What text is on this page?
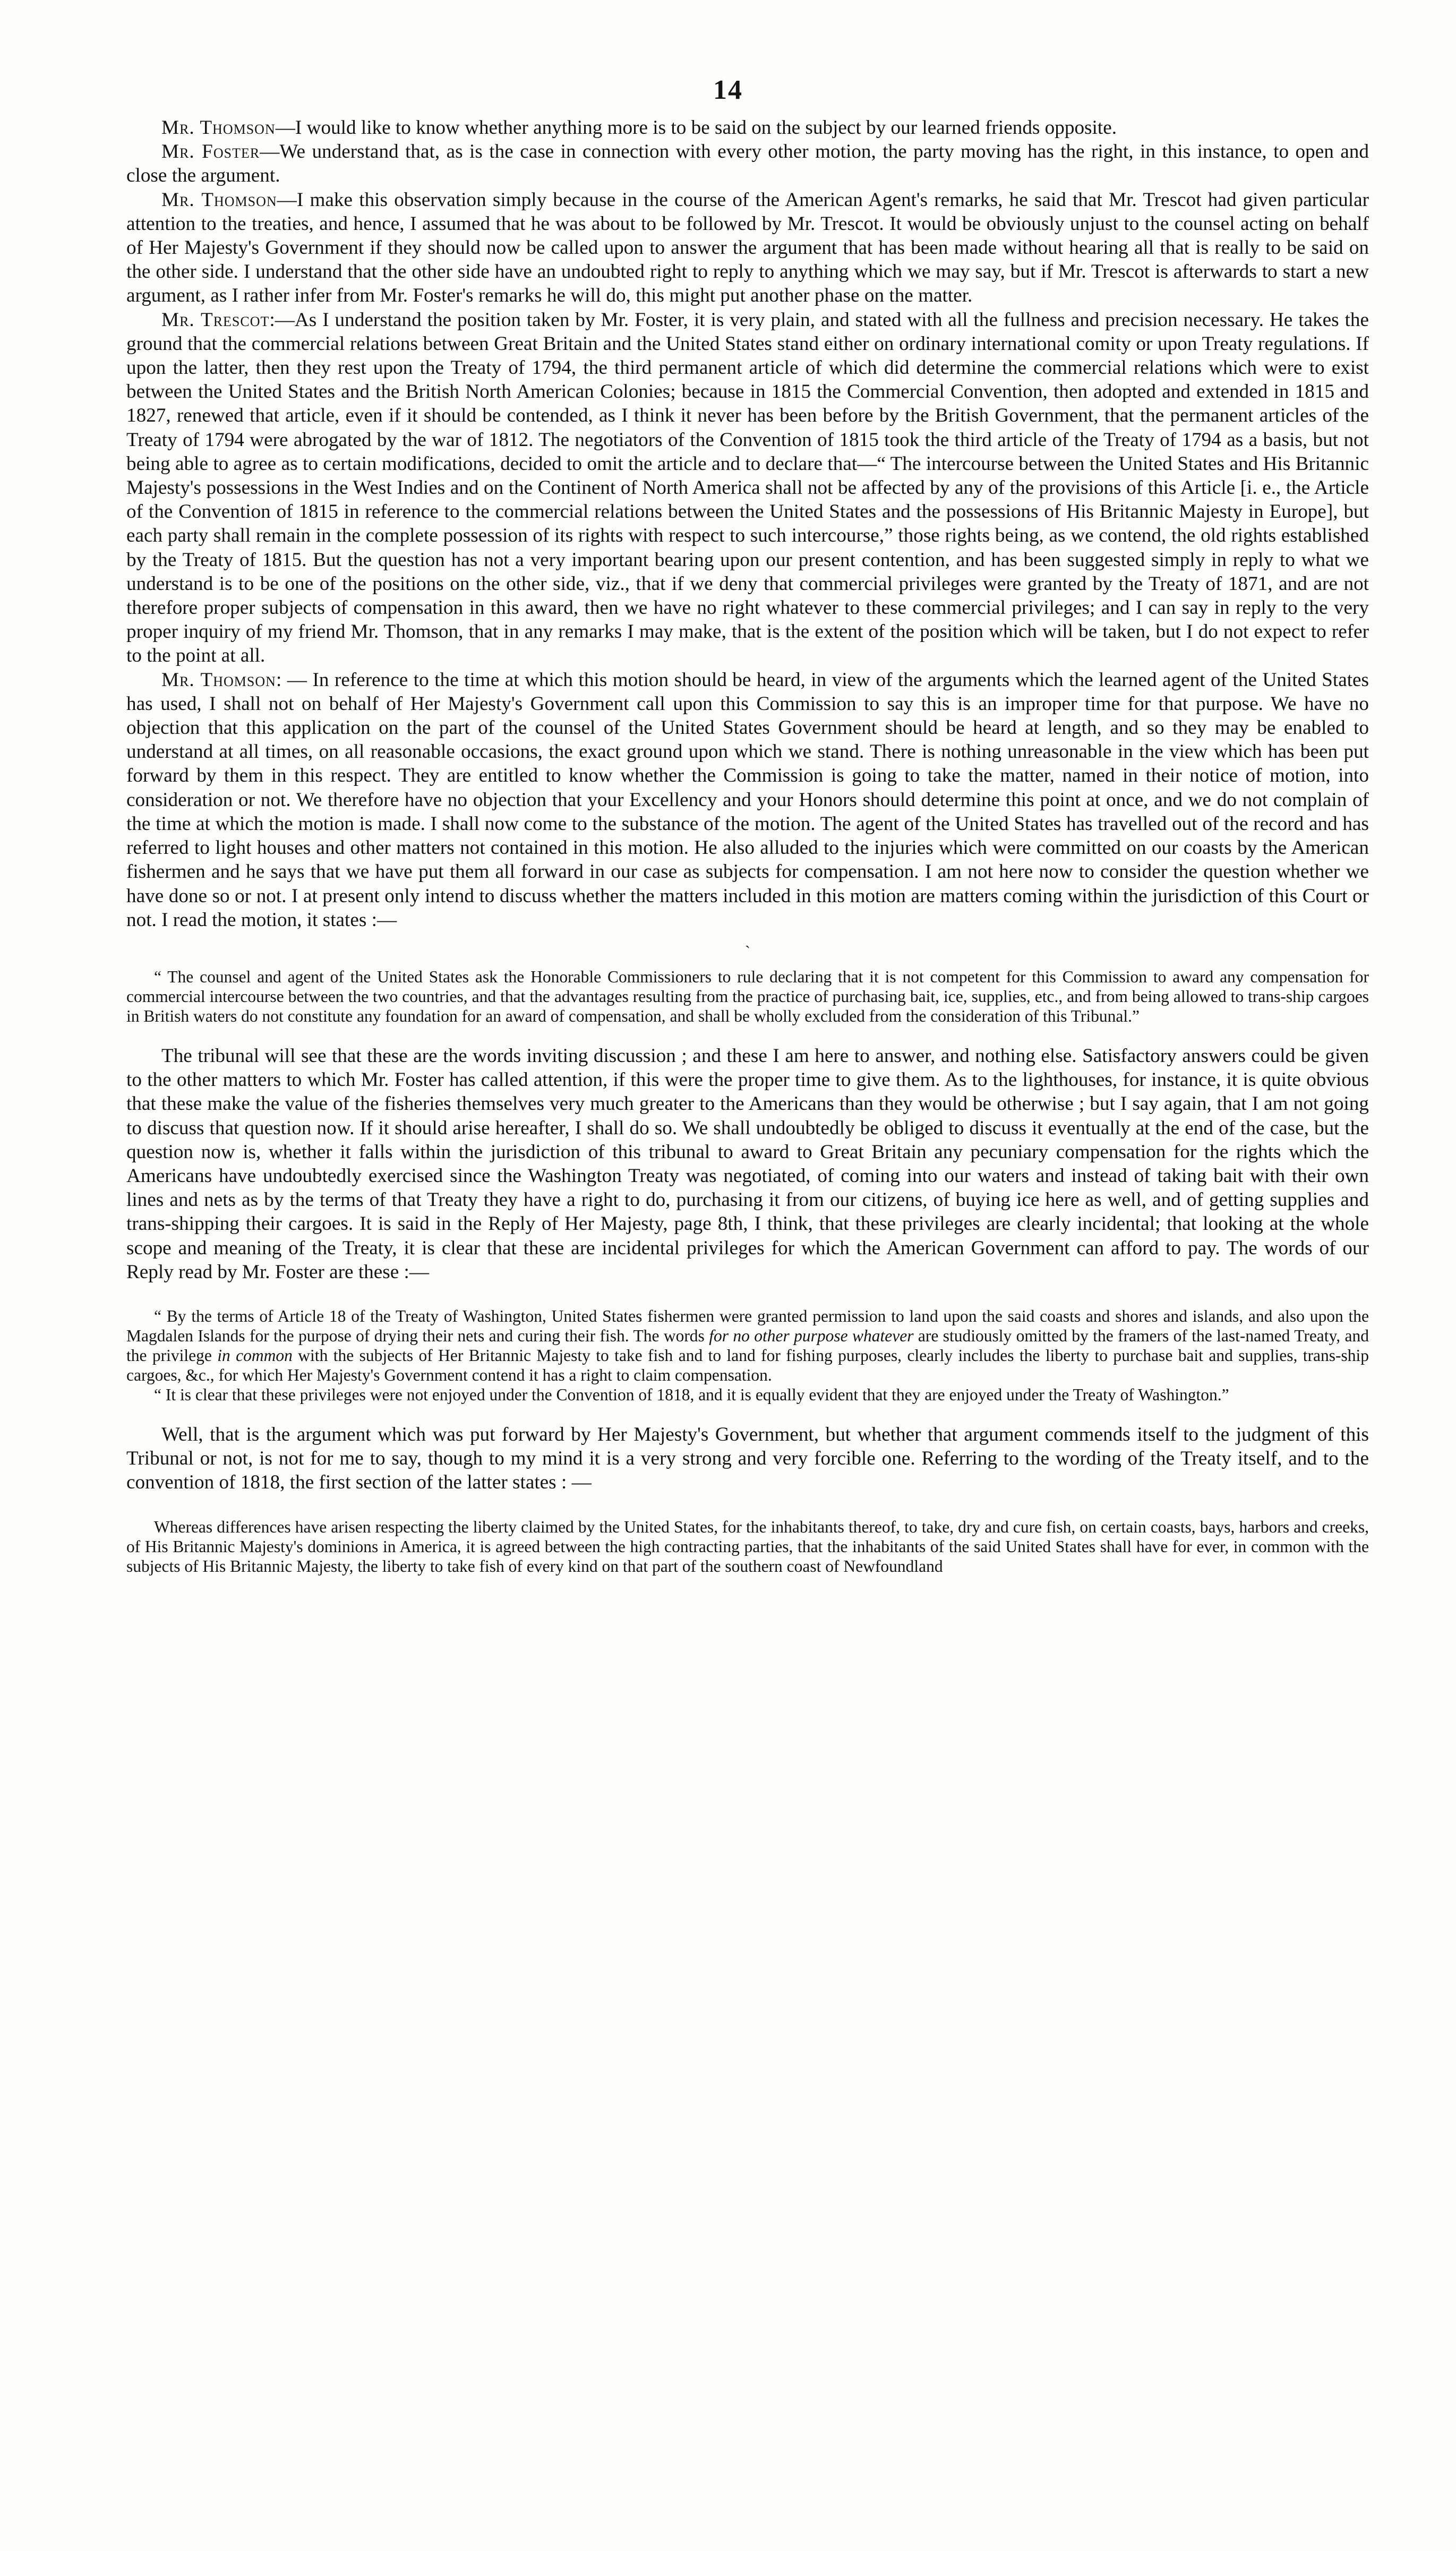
14

Mr. Thomson—I would like to know whether anything more is to be said on the subject by our learned friends opposite.

Mr. Foster—We understand that, as is the case in connection with every other motion, the party moving has the right, in this instance, to open and close the argument.

Mr. Thomson—I make this observation simply because in the course of the American Agent's remarks, he said that Mr. Trescot had given particular attention to the treaties, and hence, I assumed that he was about to be followed by Mr. Trescot. It would be obviously unjust to the counsel acting on behalf of Her Majesty's Government if they should now be called upon to answer the argument that has been made without hearing all that is really to be said on the other side. I understand that the other side have an undoubted right to reply to anything which we may say, but if Mr. Trescot is afterwards to start a new argument, as I rather infer from Mr. Foster's remarks he will do, this might put another phase on the matter.

Mr. Trescot:—As I understand the position taken by Mr. Foster, it is very plain, and stated with all the fullness and precision necessary. He takes the ground that the commercial relations between Great Britain and the United States stand either on ordinary international comity or upon Treaty regulations. If upon the latter, then they rest upon the Treaty of 1794, the third permanent article of which did determine the commercial relations which were to exist between the United States and the British North American Colonies; because in 1815 the Commercial Convention, then adopted and extended in 1815 and 1827, renewed that article, even if it should be contended, as I think it never has been before by the British Government, that the permanent articles of the Treaty of 1794 were abrogated by the war of 1812. The negotiators of the Convention of 1815 took the third article of the Treaty of 1794 as a basis, but not being able to agree as to certain modifications, decided to omit the article and to declare that—“ The intercourse between the United States and His Britannic Majesty's possessions in the West Indies and on the Continent of North America shall not be affected by any of the provisions of this Article [i. e., the Article of the Convention of 1815 in reference to the commercial relations between the United States and the possessions of His Britannic Majesty in Europe], but each party shall remain in the complete possession of its rights with respect to such intercourse,” those rights being, as we contend, the old rights established by the Treaty of 1815. But the question has not a very important bearing upon our present contention, and has been suggested simply in reply to what we understand is to be one of the positions on the other side, viz., that if we deny that commercial privileges were granted by the Treaty of 1871, and are not therefore proper subjects of compensation in this award, then we have no right whatever to these commercial privileges; and I can say in reply to the very proper inquiry of my friend Mr. Thomson, that in any remarks I may make, that is the extent of the position which will be taken, but I do not expect to refer to the point at all.

Mr. Thomson: — In reference to the time at which this motion should be heard, in view of the arguments which the learned agent of the United States has used, I shall not on behalf of Her Majesty's Government call upon this Commission to say this is an improper time for that purpose. We have no objection that this application on the part of the counsel of the United States Government should be heard at length, and so they may be enabled to understand at all times, on all reasonable occasions, the exact ground upon which we stand. There is nothing unreasonable in the view which has been put forward by them in this respect. They are entitled to know whether the Commission is going to take the matter, named in their notice of motion, into consideration or not. We therefore have no objection that your Excellency and your Honors should determine this point at once, and we do not complain of the time at which the motion is made. I shall now come to the substance of the motion. The agent of the United States has travelled out of the record and has referred to light houses and other matters not contained in this motion. He also alluded to the injuries which were committed on our coasts by the American fishermen and he says that we have put them all forward in our case as subjects for compensation. I am not here now to consider the question whether we have done so or not. I at present only intend to discuss whether the matters included in this motion are matters coming within the jurisdiction of this Court or not. I read the motion, it states :—

ˎ

“ The counsel and agent of the United States ask the Honorable Commissioners to rule declaring that it is not competent for this Commission to award any compensation for commercial intercourse between the two countries, and that the advantages resulting from the practice of purchasing bait, ice, supplies, etc., and from being allowed to trans-ship cargoes in British waters do not constitute any foundation for an award of compensation, and shall be wholly excluded from the consideration of this Tribunal.”

The tribunal will see that these are the words inviting discussion ; and these I am here to answer, and nothing else. Satisfactory answers could be given to the other matters to which Mr. Foster has called attention, if this were the proper time to give them. As to the lighthouses, for instance, it is quite obvious that these make the value of the fisheries themselves very much greater to the Americans than they would be otherwise ; but I say again, that I am not going to discuss that question now. If it should arise hereafter, I shall do so. We shall undoubtedly be obliged to discuss it eventually at the end of the case, but the question now is, whether it falls within the jurisdiction of this tribunal to award to Great Britain any pecuniary compensation for the rights which the Americans have undoubtedly exercised since the Washington Treaty was negotiated, of coming into our waters and instead of taking bait with their own lines and nets as by the terms of that Treaty they have a right to do, purchasing it from our citizens, of buying ice here as well, and of getting supplies and trans-shipping their cargoes. It is said in the Reply of Her Majesty, page 8th, I think, that these privileges are clearly incidental; that looking at the whole scope and meaning of the Treaty, it is clear that these are incidental privileges for which the American Government can afford to pay. The words of our Reply read by Mr. Foster are these :—

“ By the terms of Article 18 of the Treaty of Washington, United States fishermen were granted permission to land upon the said coasts and shores and islands, and also upon the Magdalen Islands for the purpose of drying their nets and curing their fish. The words for no other purpose whatever are studiously omitted by the framers of the last-named Treaty, and the privilege in common with the subjects of Her Britannic Majesty to take fish and to land for fishing purposes, clearly includes the liberty to purchase bait and supplies, trans-ship cargoes, &c., for which Her Majesty's Government contend it has a right to claim compensation.

“ It is clear that these privileges were not enjoyed under the Convention of 1818, and it is equally evident that they are enjoyed under the Treaty of Washington.”

Well, that is the argument which was put forward by Her Majesty's Government, but whether that argument commends itself to the judgment of this Tribunal or not, is not for me to say, though to my mind it is a very strong and very forcible one. Referring to the wording of the Treaty itself, and to the convention of 1818, the first section of the latter states : —

Whereas differences have arisen respecting the liberty claimed by the United States, for the inhabitants thereof, to take, dry and cure fish, on certain coasts, bays, harbors and creeks, of His Britannic Majesty's dominions in America, it is agreed between the high contracting parties, that the inhabitants of the said United States shall have for ever, in common with the subjects of His Britannic Majesty, the liberty to take fish of every kind on that part of the southern coast of Newfoundland
